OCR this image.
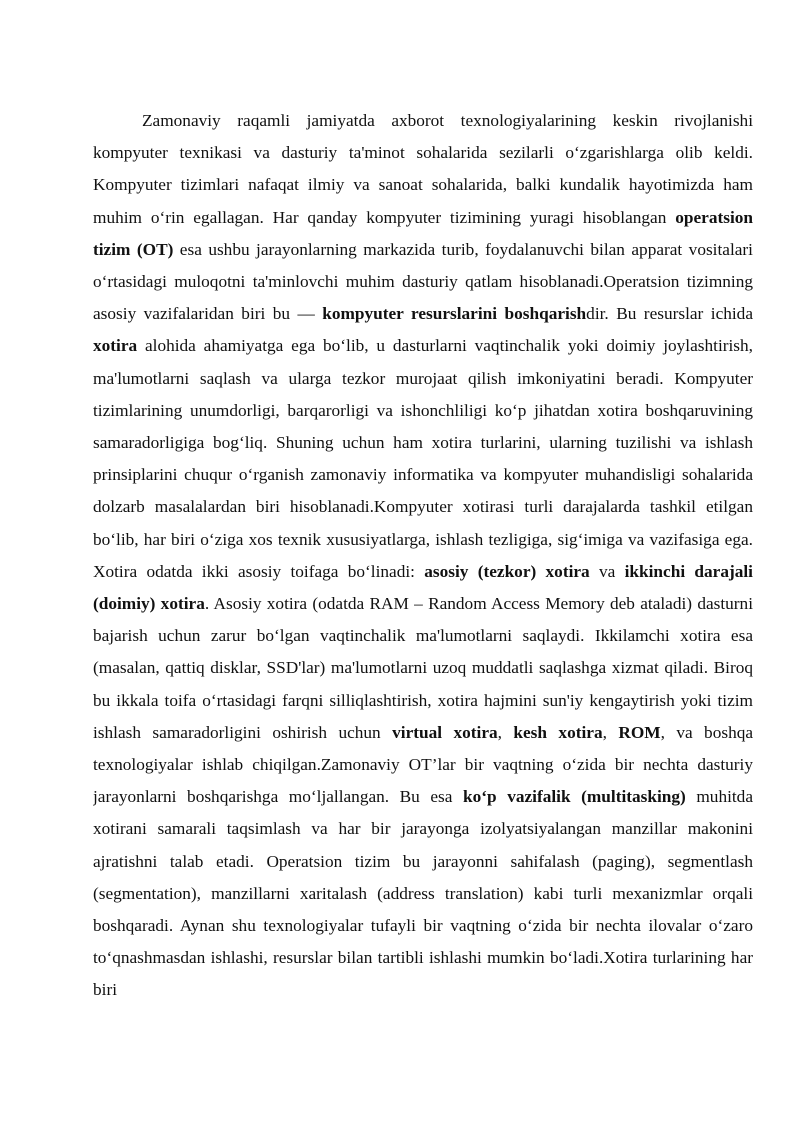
Zamonaviy raqamli jamiyatda axborot texnologiyalarining keskin rivojlanishi kompyuter texnikasi va dasturiy ta'minot sohalarida sezilarli o‘zgarishlarga olib keldi. Kompyuter tizimlari nafaqat ilmiy va sanoat sohalarida, balki kundalik hayotimizda ham muhim o‘rin egallagan. Har qanday kompyuter tizimining yuragi hisoblangan operatsion tizim (OT) esa ushbu jarayonlarning markazida turib, foydalanuvchi bilan apparat vositalari o‘rtasidagi muloqotni ta'minlovchi muhim dasturiy qatlam hisoblanadi.Operatsion tizimning asosiy vazifalaridan biri bu — kompyuter resurslarini boshqarishdir. Bu resurslar ichida xotira alohida ahamiyatga ega bo‘lib, u dasturlarni vaqtinchalik yoki doimiy joylashtirish, ma'lumotlarni saqlash va ularga tezkor murojaat qilish imkoniyatini beradi. Kompyuter tizimlarining unumdorligi, barqarorligi va ishonchliligi ko‘p jihatdan xotira boshqaruvining samaradorligiga bog‘liq. Shuning uchun ham xotira turlarini, ularning tuzilishi va ishlash prinsiplarini chuqur o‘rganish zamonaviy informatika va kompyuter muhandisligi sohalarida dolzarb masalalardan biri hisoblanadi.Kompyuter xotirasi turli darajalarda tashkil etilgan bo‘lib, har biri o‘ziga xos texnik xususiyatlarga, ishlash tezligiga, sig‘imiga va vazifasiga ega. Xotira odatda ikki asosiy toifaga bo‘linadi: asosiy (tezkor) xotira va ikkinchi darajali (doimiy) xotira. Asosiy xotira (odatda RAM – Random Access Memory deb ataladi) dasturni bajarish uchun zarur bo‘lgan vaqtinchalik ma'lumotlarni saqlaydi. Ikkilamchi xotira esa (masalan, qattiq disklar, SSD'lar) ma'lumotlarni uzoq muddatli saqlashga xizmat qiladi. Biroq bu ikkala toifa o‘rtasidagi farqni silliqlashtirish, xotira hajmini sun'iy kengaytirish yoki tizim ishlash samaradorligini oshirish uchun virtual xotira, kesh xotira, ROM, va boshqa texnologiyalar ishlab chiqilgan.Zamonaviy OT’lar bir vaqtning o‘zida bir nechta dasturiy jarayonlarni boshqarishga mo‘ljallangan. Bu esa ko‘p vazifalik (multitasking) muhitda xotirani samarali taqsimlash va har bir jarayonga izolyatsiyalangan manzillar makonini ajratishni talab etadi. Operatsion tizim bu jarayonni sahifalash (paging), segmentlash (segmentation), manzillarni xaritalash (address translation) kabi turli mexanizmlar orqali boshqaradi. Aynan shu texnologiyalar tufayli bir vaqtning o‘zida bir nechta ilovalar o‘zaro to‘qnashmasdan ishlashi, resurslar bilan tartibli ishlashi mumkin bo‘ladi.Xotira turlarining har biri
